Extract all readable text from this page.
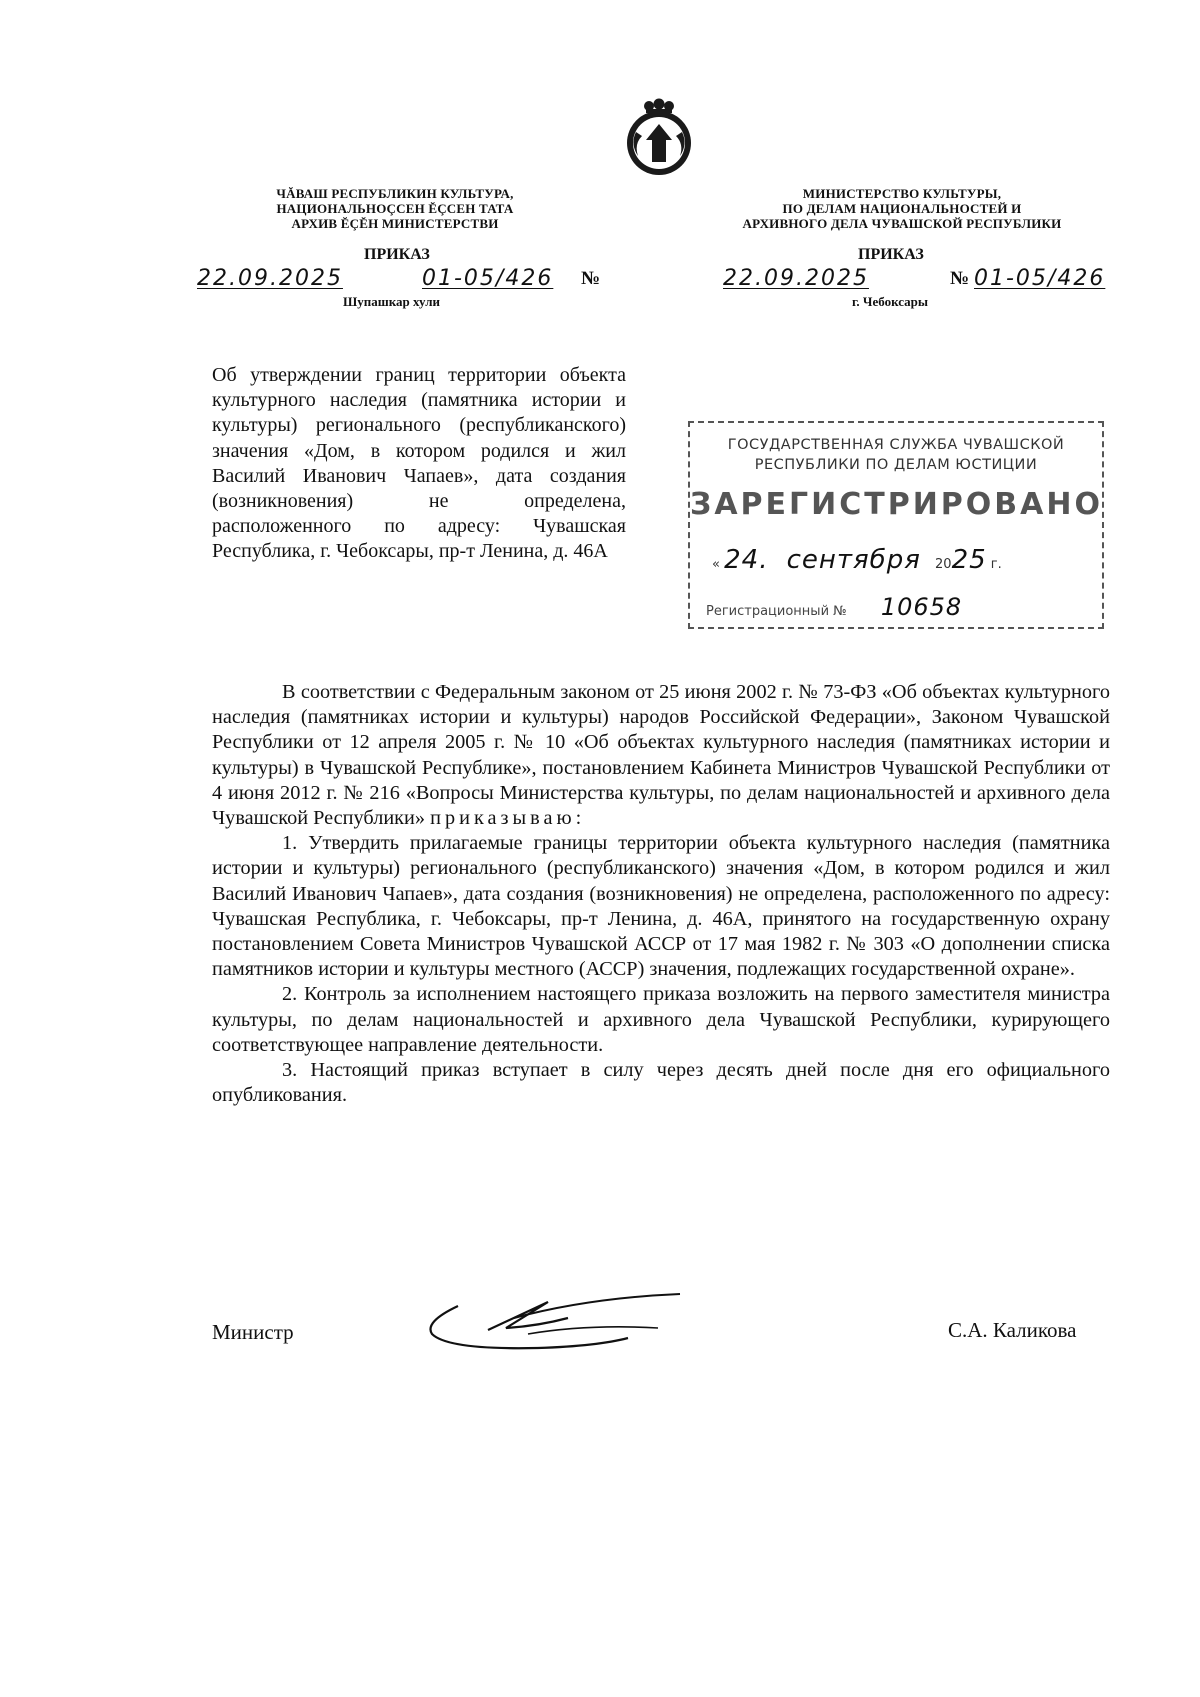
ЧĂВАШ РЕСПУБЛИКИН КУЛЬТУРА,
НАЦИОНАЛЬНОÇСЕН ĔÇСЕН ТАТА
АРХИВ ĔÇĔН МИНИСТЕРСТВИ
ПРИКАЗ
22.09.2025	01-05/426 №
Шупашкар хули
МИНИСТЕРСТВО КУЛЬТУРЫ,
ПО ДЕЛАМ НАЦИОНАЛЬНОСТЕЙ И
АРХИВНОГО ДЕЛА ЧУВАШСКОЙ РЕСПУБЛИКИ
ПРИКАЗ
22.09.2025	№ 01-05/426
г. Чебоксары
Об утверждении границ территории объекта культурного наследия (памятника истории и культуры) регионального (республиканского) значения «Дом, в котором родился и жил Василий Иванович Чапаев», дата создания (возникновения) не определена, расположенного по адресу: Чувашская Республика, г. Чебоксары, пр-т Ленина, д. 46А
ГОСУДАРСТВЕННАЯ СЛУЖБА ЧУВАШСКОЙ
РЕСПУБЛИКИ ПО ДЕЛАМ ЮСТИЦИИ
ЗАРЕГИСТРИРОВАНО
« 24. сентября 2025 г.
Регистрационный № 10658

В соответствии с Федеральным законом от 25 июня 2002 г. № 73-ФЗ «Об объектах культурного наследия (памятниках истории и культуры) народов Российской Федерации», Законом Чувашской Республики от 12 апреля 2005 г. № 10 «Об объектах культурного наследия (памятниках истории и культуры) в Чувашской Республике», постановлением Кабинета Министров Чувашской Республики от 4 июня 2012 г. № 216 «Вопросы Министерства культуры, по делам национальностей и архивного дела Чувашской Республики» приказываю:

1. Утвердить прилагаемые границы территории объекта культурного наследия (памятника истории и культуры) регионального (республиканского) значения «Дом, в котором родился и жил Василий Иванович Чапаев», дата создания (возникновения) не определена, расположенного по адресу: Чувашская Республика, г. Чебоксары, пр-т Ленина, д. 46А, принятого на государственную охрану постановлением Совета Министров Чувашской АССР от 17 мая 1982 г. № 303 «О дополнении списка памятников истории и культуры местного (АССР) значения, подлежащих государственной охране».

2. Контроль за исполнением настоящего приказа возложить на первого заместителя министра культуры, по делам национальностей и архивного дела Чувашской Республики, курирующего соответствующее направление деятельности.

3. Настоящий приказ вступает в силу через десять дней после дня его официального опубликования.

Министр	С.А. Каликова
